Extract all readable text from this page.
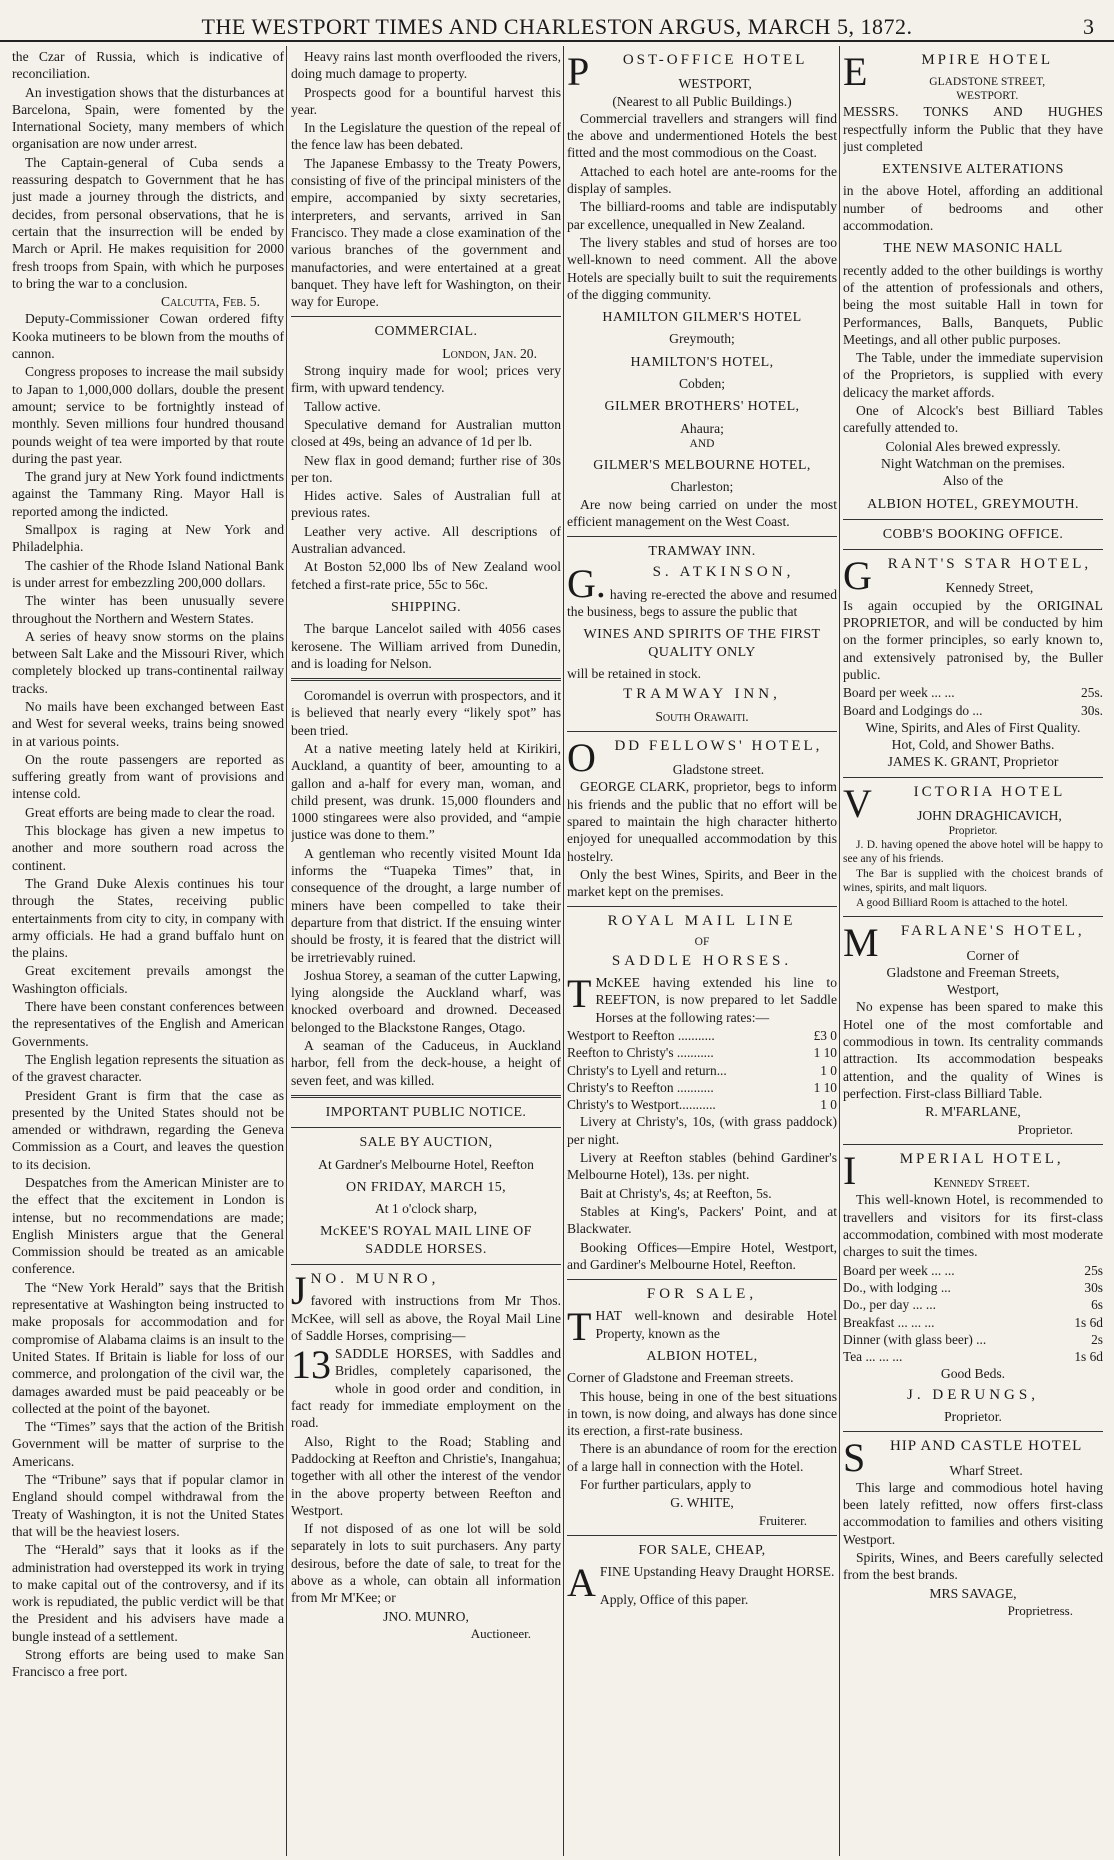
THE WESTPORT TIMES AND CHARLESTON ARGUS, MARCH 5, 1872.	3

the Czar of Russia, which is indicative of reconciliation.

An investigation shows that the disturbances at Barcelona, Spain, were fomented by the International Society, many members of which organisation are now under arrest.

The Captain-general of Cuba sends a reassuring despatch to Government that he has just made a journey through the districts, and decides, from personal observations, that he is certain that the insurrection will be ended by March or April. He makes requisition for 2000 fresh troops from Spain, with which he purposes to bring the war to a conclusion.

Calcutta, Feb. 5.

Deputy-Commissioner Cowan ordered fifty Kooka mutineers to be blown from the mouths of cannon.

Congress proposes to increase the mail subsidy to Japan to 1,000,000 dollars, double the present amount; service to be fortnightly instead of monthly. Seven millions four hundred thousand pounds weight of tea were imported by that route during the past year.

The grand jury at New York found indictments against the Tammany Ring. Mayor Hall is reported among the indicted.

Smallpox is raging at New York and Philadelphia.

The cashier of the Rhode Island National Bank is under arrest for embezzling 200,000 dollars.

The winter has been unusually severe throughout the Northern and Western States.

A series of heavy snow storms on the plains between Salt Lake and the Missouri River, which completely blocked up trans-continental railway tracks.

No mails have been exchanged between East and West for several weeks, trains being snowed in at various points.

On the route passengers are reported as suffering greatly from want of provisions and intense cold.

Great efforts are being made to clear the road.

This blockage has given a new impetus to another and more southern road across the continent.

The Grand Duke Alexis continues his tour through the States, receiving public entertainments from city to city, in company with army officials. He had a grand buffalo hunt on the plains.

Great excitement prevails amongst the Washington officials.

There have been constant conferences between the representatives of the English and American Governments.

The English legation represents the situation as of the gravest character.

President Grant is firm that the case as presented by the United States should not be amended or withdrawn, regarding the Geneva Commission as a Court, and leaves the question to its decision.

Despatches from the American Minister are to the effect that the excitement in London is intense, but no recommendations are made; English Ministers argue that the General Commission should be treated as an amicable conference.

The “New York Herald” says that the British representative at Washington being instructed to make proposals for accommodation and for compromise of Alabama claims is an insult to the United States. If Britain is liable for loss of our commerce, and prolongation of the civil war, the damages awarded must be paid peaceably or be collected at the point of the bayonet.

The “Times” says that the action of the British Government will be matter of surprise to the Americans.

The “Tribune” says that if popular clamor in England should compel withdrawal from the Treaty of Washington, it is not the United States that will be the heaviest losers.

The “Herald” says that it looks as if the administration had overstepped its work in trying to make capital out of the controversy, and if its work is repudiated, the public verdict will be that the President and his advisers have made a bungle instead of a settlement.

Strong efforts are being used to make San Francisco a free port.

Heavy rains last month overflooded the rivers, doing much damage to property.

Prospects good for a bountiful harvest this year.

In the Legislature the question of the repeal of the fence law has been debated.

The Japanese Embassy to the Treaty Powers, consisting of five of the principal ministers of the empire, accompanied by sixty secretaries, interpreters, and servants, arrived in San Francisco. They made a close examination of the various branches of the government and manufactories, and were entertained at a great banquet. They have left for Washington, on their way for Europe.

COMMERCIAL.
London, Jan. 20.

Strong inquiry made for wool; prices very firm, with upward tendency.

Tallow active.

Speculative demand for Australian mutton closed at 49s, being an advance of 1d per lb.

New flax in good demand; further rise of 30s per ton.

Hides active. Sales of Australian full at previous rates.

Leather very active. All descriptions of Australian advanced.

At Boston 52,000 lbs of New Zealand wool fetched a first-rate price, 55c to 56c.

SHIPPING.

The barque Lancelot sailed with 4056 cases kerosene. The William arrived from Dunedin, and is loading for Nelson.

Coromandel is overrun with prospectors, and it is believed that nearly every “likely spot” has been tried.

At a native meeting lately held at Kirikiri, Auckland, a quantity of beer, amounting to a gallon and a-half for every man, woman, and child present, was drunk. 15,000 flounders and 1000 stingarees were also provided, and “ampie justice was done to them.”

A gentleman who recently visited Mount Ida informs the “Tuapeka Times” that, in consequence of the drought, a large number of miners have been compelled to take their departure from that district. If the ensuing winter should be frosty, it is feared that the district will be irretrievably ruined.

Joshua Storey, a seaman of the cutter Lapwing, lying alongside the Auckland wharf, was knocked overboard and drowned. Deceased belonged to the Blackstone Ranges, Otago.

A seaman of the Caduceus, in Auckland harbor, fell from the deck-house, a height of seven feet, and was killed.

IMPORTANT PUBLIC NOTICE.
SALE BY AUCTION,
At Gardner's Melbourne Hotel, Reefton
ON FRIDAY, MARCH 15,
At 1 o'clock sharp,
McKEE'S ROYAL MAIL LINE OF SADDLE HORSES.
J NO. MUNRO,

favored with instructions from Mr Thos. McKee, will sell as above, the Royal Mail Line of Saddle Horses, comprising—

13 SADDLE HORSES, with Saddles and Bridles, completely caparisoned, the whole in good order and condition, in fact ready for immediate employment on the road.

Also, Right to the Road; Stabling and Paddocking at Reefton and Christie's, Inangahua; together with all other the interest of the vendor in the above property between Reefton and Westport.

If not disposed of as one lot will be sold separately in lots to suit purchasers. Any party desirous, before the date of sale, to treat for the above as a whole, can obtain all information from Mr M'Kee; or

JNO. MUNRO,
Auctioneer.
P	OST-OFFICE HOTEL
WESTPORT,
(Nearest to all Public Buildings.)

Commercial travellers and strangers will find the above and undermentioned Hotels the best fitted and the most commodious on the Coast.

Attached to each hotel are ante-rooms for the display of samples.

The billiard-rooms and table are indisputably par excellence, unequalled in New Zealand.

The livery stables and stud of horses are too well-known to need comment. All the above Hotels are specially built to suit the requirements of the digging community.

HAMILTON GILMER'S HOTEL
Greymouth;
HAMILTON'S HOTEL,
Cobden;
GILMER BROTHERS' HOTEL,
Ahaura;
AND
GILMER'S MELBOURNE HOTEL,
Charleston;

Are now being carried on under the most efficient management on the West Coast.

TRAMWAY INN.
G.	S. ATKINSON,

having re-erected the above and resumed the business, begs to assure the public that

WINES AND SPIRITS OF THE FIRST QUALITY ONLY

will be retained in stock.

TRAMWAY INN,
South Orawaiti.
O	DD FELLOWS' HOTEL,
Gladstone street.

GEORGE CLARK, proprietor, begs to inform his friends and the public that no effort will be spared to maintain the high character hitherto enjoyed for unequalled accommodation by this hostelry.

Only the best Wines, Spirits, and Beer in the market kept on the premises.

ROYAL MAIL LINE
OF
SADDLE HORSES.
T McKEE having extended his line to REEFTON, is now prepared to let Saddle Horses at the following rates:—

Westport to Reefton ...........	£3 0
Reefton to Christy's ...........	1 10
Christy's to Lyell and return...	1 0
Christy's to Reefton ...........	1 10
Christy's to Westport...........	1 0

Livery at Christy's, 10s, (with grass paddock) per night.

Livery at Reefton stables (behind Gardiner's Melbourne Hotel), 13s. per night.

Bait at Christy's, 4s; at Reefton, 5s.

Stables at King's, Packers' Point, and at Blackwater.

Booking Offices—Empire Hotel, Westport, and Gardiner's Melbourne Hotel, Reefton.

FOR SALE,
T HAT well-known and desirable Hotel Property, known as the

ALBION HOTEL,

Corner of Gladstone and Freeman streets.

This house, being in one of the best situations in town, is now doing, and always has done since its erection, a first-rate business.

There is an abundance of room for the erection of a large hall in connection with the Hotel.

For further particulars, apply to

G. WHITE,
Fruiterer.
FOR SALE, CHEAP,
A FINE Upstanding Heavy Draught HORSE.

Apply, Office of this paper.

E	MPIRE HOTEL
GLADSTONE STREET,
WESTPORT.

MESSRS. TONKS AND HUGHES respectfully inform the Public that they have just completed

EXTENSIVE ALTERATIONS

in the above Hotel, affording an additional number of bedrooms and other accommodation.

THE NEW MASONIC HALL

recently added to the other buildings is worthy of the attention of professionals and others, being the most suitable Hall in town for Performances, Balls, Banquets, Public Meetings, and all other public purposes.

The Table, under the immediate supervision of the Proprietors, is supplied with every delicacy the market affords.

One of Alcock's best Billiard Tables carefully attended to.

Colonial Ales brewed expressly.
Night Watchman on the premises.
Also of the
ALBION HOTEL, GREYMOUTH.
COBB'S BOOKING OFFICE.
G	RANT'S STAR HOTEL,
Kennedy Street,

Is again occupied by the ORIGINAL PROPRIETOR, and will be conducted by him on the former principles, so early known to, and extensively patronised by, the Buller public.

Board per week ... ...	25s.
Board and Lodgings do ...	30s.
Wine, Spirits, and Ales of First Quality.
Hot, Cold, and Shower Baths.
JAMES K. GRANT, Proprietor
V	ICTORIA HOTEL
JOHN DRAGHICAVICH,
Proprietor.

J. D. having opened the above hotel will be happy to see any of his friends.

The Bar is supplied with the choicest brands of wines, spirits, and malt liquors.

A good Billiard Room is attached to the hotel.

M	FARLANE'S HOTEL,
Corner of
Gladstone and Freeman Streets,
Westport,

No expense has been spared to make this Hotel one of the most comfortable and commodious in town. Its centrality commands attraction. Its accommodation bespeaks attention, and the quality of Wines is perfection. First-class Billiard Table.

R. M'FARLANE,
Proprietor.
I	MPERIAL HOTEL,
Kennedy Street.

This well-known Hotel, is recommended to travellers and visitors for its first-class accommodation, combined with most moderate charges to suit the times.

Board per week ... ...	25s
Do., with lodging ...	30s
Do., per day ... ...	6s
Breakfast ... ... ...	1s 6d
Dinner (with glass beer) ...	2s
Tea ... ... ...	1s 6d
Good Beds.
J. DERUNGS,
Proprietor.
S	HIP AND CASTLE HOTEL
Wharf Street.

This large and commodious hotel having been lately refitted, now offers first-class accommodation to families and others visiting Westport.

Spirits, Wines, and Beers carefully selected from the best brands.

MRS SAVAGE,
Proprietress.
